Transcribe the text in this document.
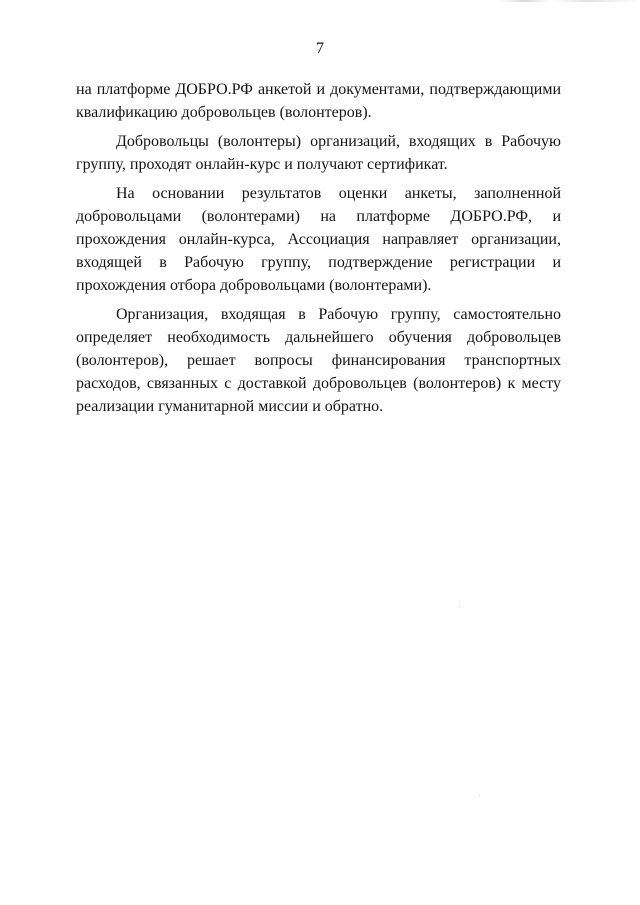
7

на платформе ДОБРО.РФ анкетой и документами, подтверждающими квалификацию добровольцев (волонтеров).

Добровольцы (волонтеры) организаций, входящих в Рабочую группу, проходят онлайн-курс и получают сертификат.

На основании результатов оценки анкеты, заполненной добровольцами (волонтерами) на платформе ДОБРО.РФ, и прохождения онлайн-курса, Ассоциация направляет организации, входящей в Рабочую группу, подтверждение регистрации и прохождения отбора добровольцами (волонтерами).

Организация, входящая в Рабочую группу, самостоятельно определяет необходимость дальнейшего обучения добровольцев (волонтеров), решает вопросы финансирования транспортных расходов, связанных с доставкой добровольцев (волонтеров) к месту реализации гуманитарной миссии и обратно.
